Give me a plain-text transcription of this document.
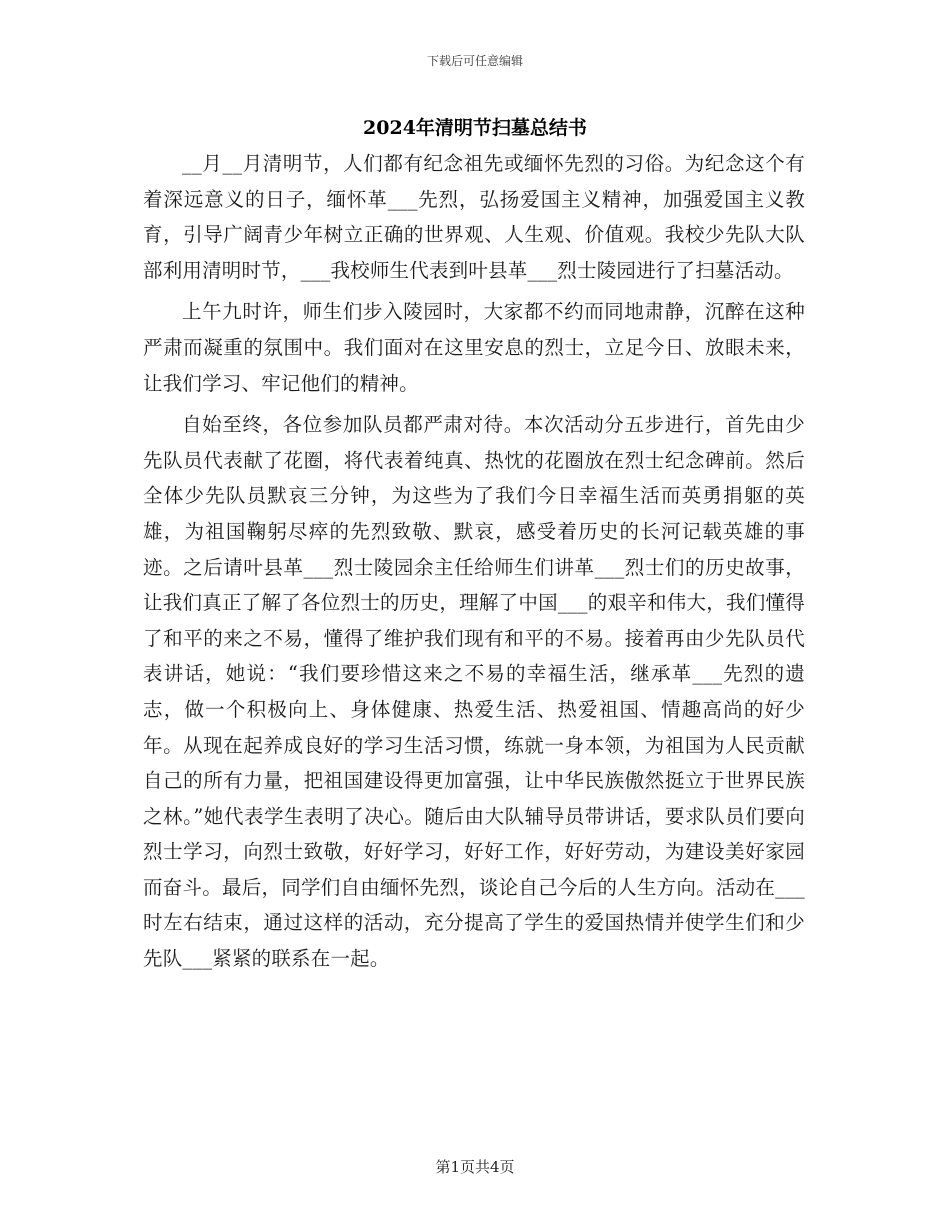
下载后可任意编辑
2024年清明节扫墓总结书

__月__月清明节，人们都有纪念祖先或缅怀先烈的习俗。为纪念这个有着深远意义的日子，缅怀革___先烈，弘扬爱国主义精神，加强爱国主义教育，引导广阔青少年树立正确的世界观、人生观、价值观。我校少先队大队部利用清明时节，___我校师生代表到叶县革___烈士陵园进行了扫墓活动。

上午九时许，师生们步入陵园时，大家都不约而同地肃静，沉醉在这种严肃而凝重的氛围中。我们面对在这里安息的烈士，立足今日、放眼未来，让我们学习、牢记他们的精神。

自始至终，各位参加队员都严肃对待。本次活动分五步进行，首先由少先队员代表献了花圈，将代表着纯真、热忱的花圈放在烈士纪念碑前。然后全体少先队员默哀三分钟，为这些为了我们今日幸福生活而英勇捐躯的英雄，为祖国鞠躬尽瘁的先烈致敬、默哀，感受着历史的长河记载英雄的事迹。之后请叶县革___烈士陵园余主任给师生们讲革___烈士们的历史故事，让我们真正了解了各位烈士的历史，理解了中国___的艰辛和伟大，我们懂得了和平的来之不易，懂得了维护我们现有和平的不易。接着再由少先队员代表讲话，她说：“我们要珍惜这来之不易的幸福生活，继承革___先烈的遗志，做一个积极向上、身体健康、热爱生活、热爱祖国、情趣高尚的好少年。从现在起养成良好的学习生活习惯，练就一身本领，为祖国为人民贡献自己的所有力量，把祖国建设得更加富强，让中华民族傲然挺立于世界民族之林。”她代表学生表明了决心。随后由大队辅导员带讲话，要求队员们要向烈士学习，向烈士致敬，好好学习，好好工作，好好劳动，为建设美好家园而奋斗。最后，同学们自由缅怀先烈，谈论自己今后的人生方向。活动在___时左右结束，通过这样的活动，充分提高了学生的爱国热情并使学生们和少先队___紧紧的联系在一起。

第1页共4页
